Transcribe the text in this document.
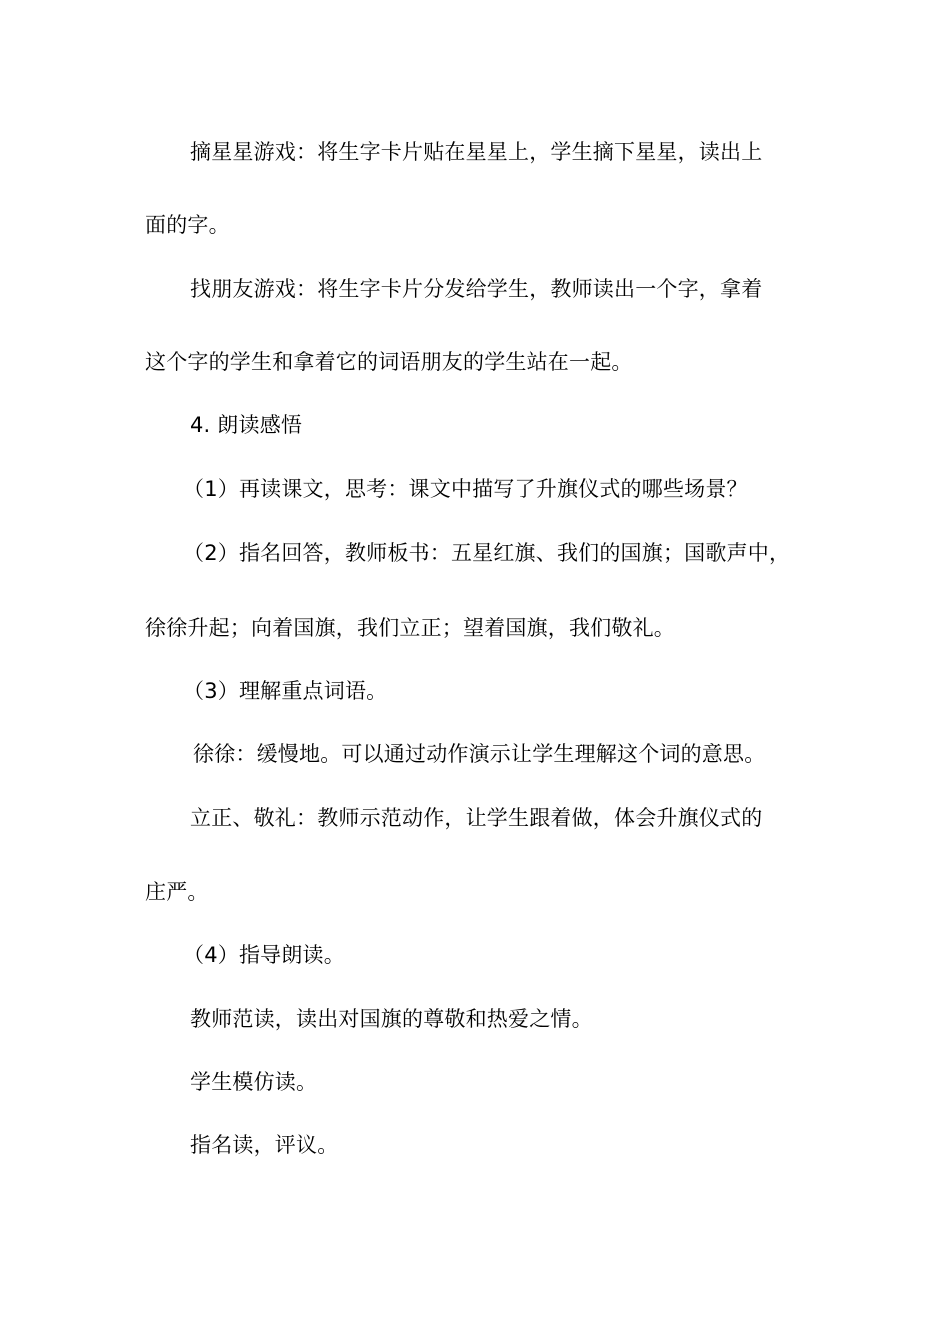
摘星星游戏：将生字卡片贴在星星上，学生摘下星星，读出上
面的字。
找朋友游戏：将生字卡片分发给学生，教师读出一个字，拿着
这个字的学生和拿着它的词语朋友的学生站在一起。
4. 朗读感悟
（1）再读课文，思考：课文中描写了升旗仪式的哪些场景？
（2）指名回答，教师板书：五星红旗、我们的国旗；国歌声中，
徐徐升起；向着国旗，我们立正；望着国旗，我们敬礼。
（3）理解重点词语。
徐徐：缓慢地。可以通过动作演示让学生理解这个词的意思。
立正、敬礼：教师示范动作，让学生跟着做，体会升旗仪式的
庄严。
（4）指导朗读。
教师范读，读出对国旗的尊敬和热爱之情。
学生模仿读。
指名读，评议。
